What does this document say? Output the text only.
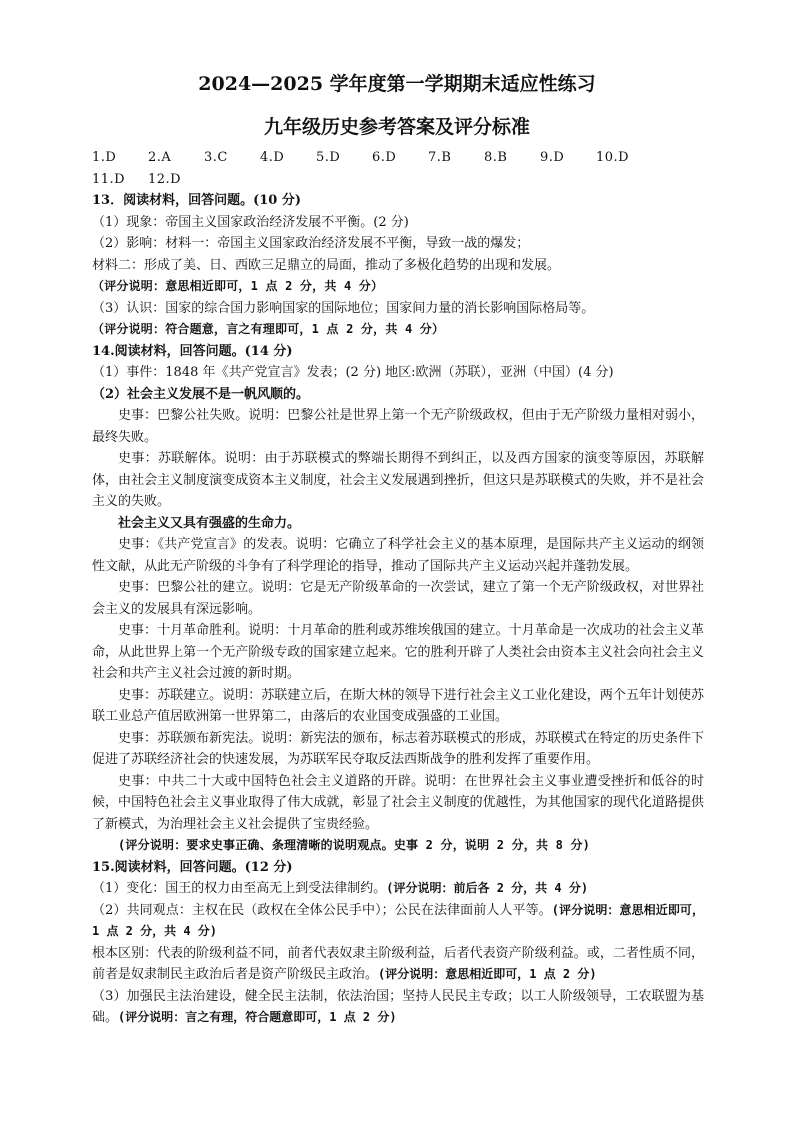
2024—2025 学年度第一学期期末适应性练习
九年级历史参考答案及评分标准
1.D	2.A	3.C	4.D	5.D	6.D	7.B	8.B	9.D	10.D
11.D	12.D

13．阅读材料，回答问题。(10 分)

（1）现象：帝国主义国家政治经济发展不平衡。(2 分)

（2）影响：材料一：帝国主义国家政治经济发展不平衡，导致一战的爆发；

材料二：形成了美、日、西欧三足鼎立的局面，推动了多极化趋势的出现和发展。

（评分说明：意思相近即可，1 点 2 分，共 4 分）

（3）认识：国家的综合国力影响国家的国际地位；国家间力量的消长影响国际格局等。

（评分说明：符合题意，言之有理即可，1 点 2 分，共 4 分）

14.阅读材料，回答问题。(14 分)

（1）事件：1848 年《共产党宣言》发表；(2 分) 地区:欧洲（苏联），亚洲（中国）(4 分)

（2）社会主义发展不是一帆风顺的。

史事：巴黎公社失败。说明：巴黎公社是世界上第一个无产阶级政权，但由于无产阶级力量相对弱小，最终失败。

史事：苏联解体。说明：由于苏联模式的弊端长期得不到纠正，以及西方国家的演变等原因，苏联解体，由社会主义制度演变成资本主义制度，社会主义发展遇到挫折，但这只是苏联模式的失败，并不是社会主义的失败。

社会主义又具有强盛的生命力。

史事：《共产党宣言》的发表。说明：它确立了科学社会主义的基本原理，是国际共产主义运动的纲领性文献，从此无产阶级的斗争有了科学理论的指导，推动了国际共产主义运动兴起并蓬勃发展。

史事：巴黎公社的建立。说明：它是无产阶级革命的一次尝试，建立了第一个无产阶级政权，对世界社会主义的发展具有深远影响。

史事：十月革命胜利。说明：十月革命的胜利或苏维埃俄国的建立。十月革命是一次成功的社会主义革命，从此世界上第一个无产阶级专政的国家建立起来。它的胜利开辟了人类社会由资本主义社会向社会主义社会和共产主义社会过渡的新时期。

史事：苏联建立。说明：苏联建立后，在斯大林的领导下进行社会主义工业化建设，两个五年计划使苏联工业总产值居欧洲第一世界第二，由落后的农业国变成强盛的工业国。

史事：苏联颁布新宪法。说明：新宪法的颁布，标志着苏联模式的形成，苏联模式在特定的历史条件下促进了苏联经济社会的快速发展，为苏联军民夺取反法西斯战争的胜利发挥了重要作用。

史事：中共二十大或中国特色社会主义道路的开辟。说明：在世界社会主义事业遭受挫折和低谷的时候，中国特色社会主义事业取得了伟大成就，彰显了社会主义制度的优越性，为其他国家的现代化道路提供了新模式，为治理社会主义社会提供了宝贵经验。

(评分说明：要求史事正确、条理清晰的说明观点。史事 2 分，说明 2 分，共 8 分)

15.阅读材料，回答问题。(12 分)

（1）变化：国王的权力由至高无上到受法律制约。(评分说明：前后各 2 分，共 4 分)

（2）共同观点：主权在民（政权在全体公民手中）；公民在法律面前人人平等。(评分说明：意思相近即可，1 点 2 分，共 4 分)

根本区别：代表的阶级利益不同，前者代表奴隶主阶级利益，后者代表资产阶级利益。或，二者性质不同，前者是奴隶制民主政治后者是资产阶级民主政治。(评分说明：意思相近即可，1 点 2 分)

（3）加强民主法治建设，健全民主法制，依法治国；坚持人民民主专政；以工人阶级领导，工农联盟为基础。(评分说明：言之有理，符合题意即可，1 点 2 分)
